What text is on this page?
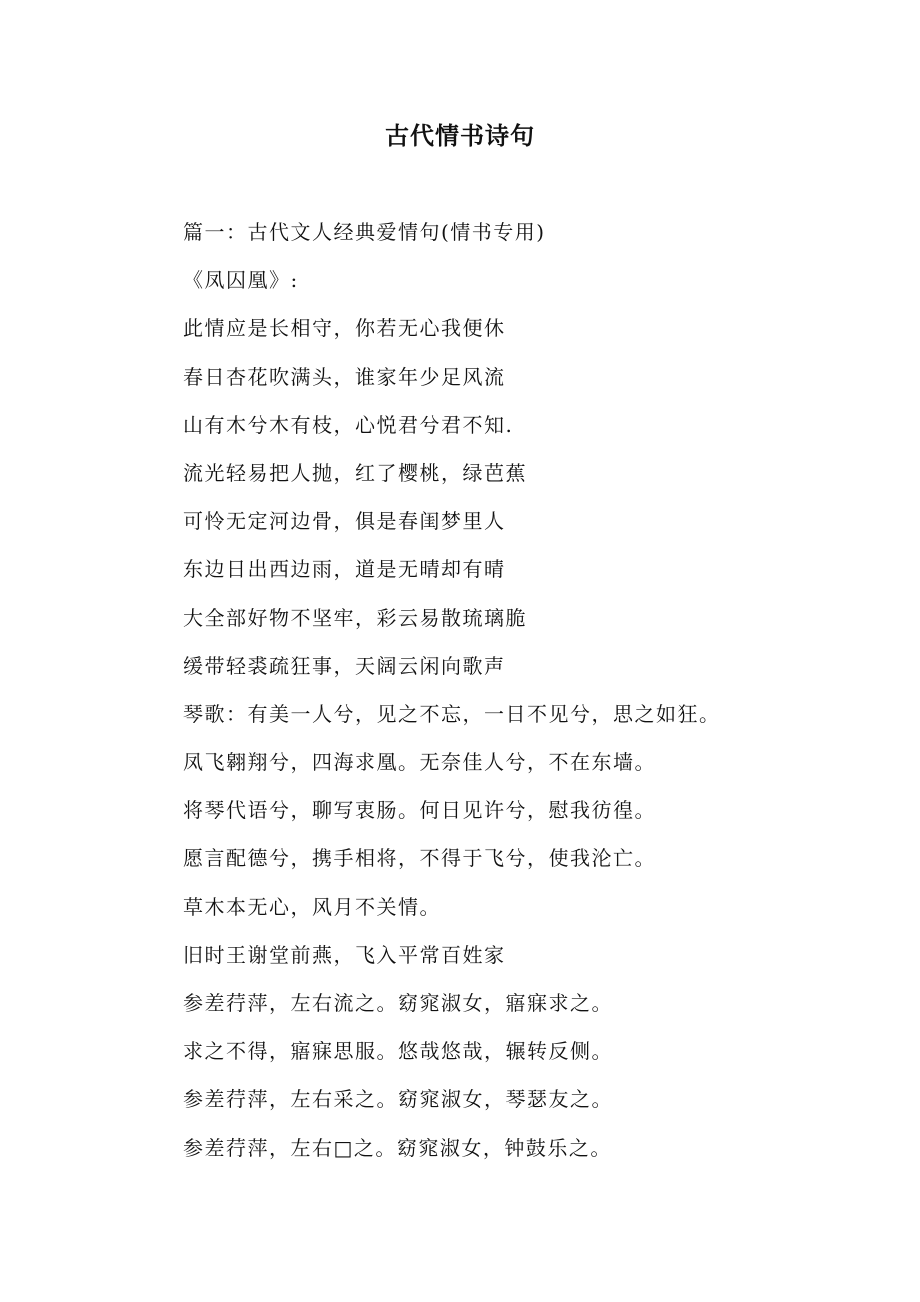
古代情书诗句
篇一：古代文人经典爱情句(情书专用)
《凤囚凰》:
此情应是长相守，你若无心我便休
春日杏花吹满头，谁家年少足风流
山有木兮木有枝，心悦君兮君不知.
流光轻易把人抛，红了樱桃，绿芭蕉
可怜无定河边骨，俱是春闺梦里人
东边日出西边雨，道是无晴却有晴
大全部好物不坚牢，彩云易散琉璃脆
缓带轻裘疏狂事，天阔云闲向歌声
琴歌：有美一人兮，见之不忘，一日不见兮，思之如狂。
凤飞翱翔兮，四海求凰。无奈佳人兮，不在东墙。
将琴代语兮，聊写衷肠。何日见许兮，慰我彷徨。
愿言配德兮，携手相将，不得于飞兮，使我沦亡。
草木本无心，风月不关情。
旧时王谢堂前燕，飞入平常百姓家
参差荇萍，左右流之。窈窕淑女，寤寐求之。
求之不得，寤寐思服。悠哉悠哉，辗转反侧。
参差荇萍，左右采之。窈窕淑女，琴瑟友之。
参差荇萍，左右□之。窈窕淑女，钟鼓乐之。
